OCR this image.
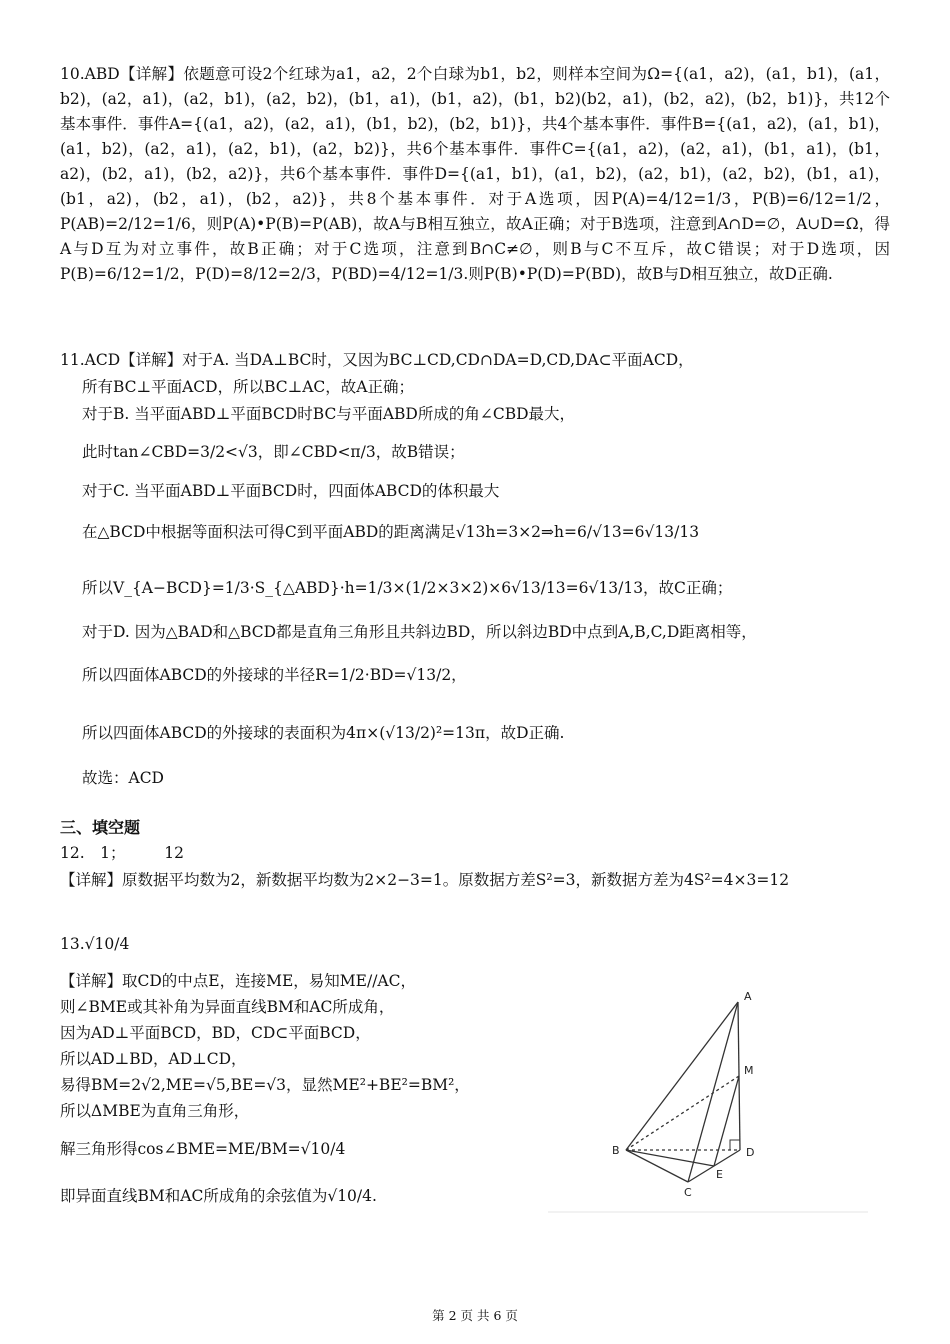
10.ABD【详解】依题意可设2个红球为a1，a2，2个白球为b1，b2，则样本空间为Ω={(a1，a2)，(a1，b1)，(a1，b2)，(a2，a1)，(a2，b1)，(a2，b2)，(b1，a1)，(b1，a2)，(b1，b2)(b2，a1)，(b2，a2)，(b2，b1)}，共12个基本事件．事件A={(a1，a2)，(a2，a1)，(b1，b2)，(b2，b1)}，共4个基本事件．事件B={(a1，a2)，(a1，b1)，(a1，b2)，(a2，a1)，(a2，b1)，(a2，b2)}，共6个基本事件．事件C={(a1，a2)，(a2，a1)，(b1，a1)，(b1，a2)，(b2，a1)，(b2，a2)}，共6个基本事件．事件D={(a1，b1)，(a1，b2)，(a2，b1)，(a2，b2)，(b1，a1)，(b1，a2)，(b2，a1)，(b2，a2)}，共8个基本事件．对于A选项，因P(A)=4/12=1/3，P(B)=6/12=1/2，P(AB)=2/12=1/6，则P(A)•P(B)=P(AB)，故A与B相互独立，故A正确；对于B选项，注意到A∩D=∅，A∪D=Ω，得A与D互为对立事件，故B正确；对于C选项，注意到B∩C≠∅，则B与C不互斥，故C错误；对于D选项，因P(B)=6/12=1/2，P(D)=8/12=2/3，P(BD)=4/12=1/3.则P(B)•P(D)=P(BD)，故B与D相互独立，故D正确.
11.ACD【详解】对于A. 当DA⊥BC时，又因为BC⊥CD,CD∩DA=D,CD,DA⊂平面ACD，
所有BC⊥平面ACD，所以BC⊥AC，故A正确；
对于B. 当平面ABD⊥平面BCD时BC与平面ABD所成的角∠CBD最大，
此时tan∠CBD=3/2<√3，即∠CBD<π/3，故B错误；
对于C. 当平面ABD⊥平面BCD时，四面体ABCD的体积最大
在△BCD中根据等面积法可得C到平面ABD的距离满足√13h=3×2⇒h=6/√13=6√13/13
所以V_{A−BCD}=1/3·S_{△ABD}·h=1/3×(1/2×3×2)×6√13/13=6√13/13，故C正确；
对于D. 因为△BAD和△BCD都是直角三角形且共斜边BD，所以斜边BD中点到A,B,C,D距离相等，
所以四面体ABCD的外接球的半径R=1/2·BD=√13/2，
所以四面体ABCD的外接球的表面积为4π×(√13/2)²=13π，故D正确.
故选：ACD
三、填空题
12.　1；　　　12
【详解】原数据平均数为2，新数据平均数为2×2−3=1。原数据方差S²=3，新数据方差为4S²=4×3=12
13.√10/4
【详解】取CD的中点E，连接ME，易知ME//AC，
则∠BME或其补角为异面直线BM和AC所成角，
因为AD⊥平面BCD，BD，CD⊂平面BCD，
所以AD⊥BD，AD⊥CD，
易得BM=2√2,ME=√5,BE=√3，显然ME²+BE²=BM²，
所以ΔMBE为直角三角形，
解三角形得cos∠BME=ME/BM=√10/4
即异面直线BM和AC所成角的余弦值为√10/4.
A
B
C
D
E
M
第 2 页 共 6 页
